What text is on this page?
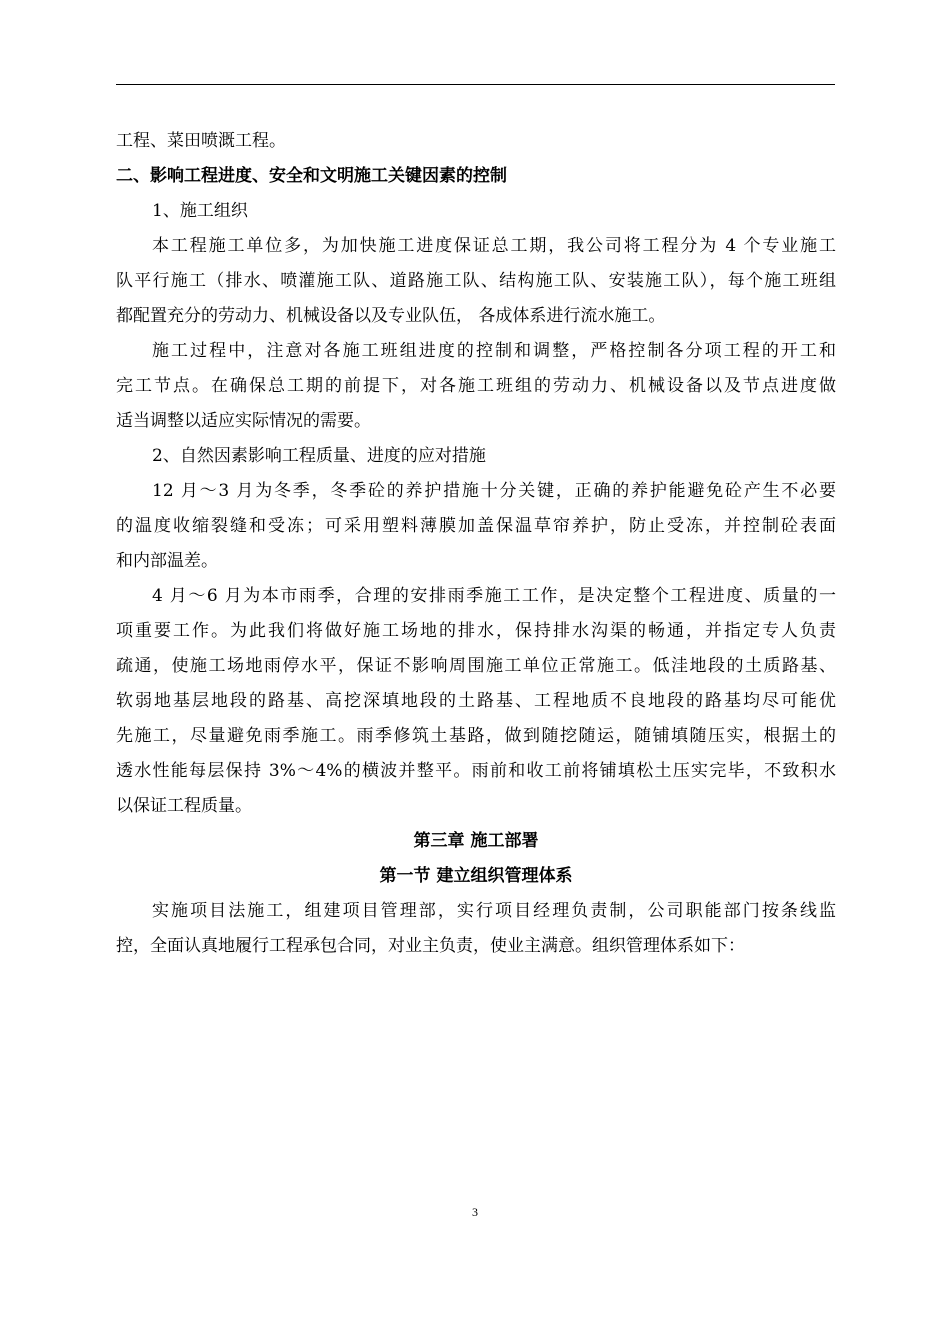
工程、菜田喷溉工程。
二、影响工程进度、安全和文明施工关键因素的控制
1、施工组织
本工程施工单位多，为加快施工进度保证总工期，我公司将工程分为 4 个专业施工
队平行施工（排水、喷灌施工队、道路施工队、结构施工队、安装施工队），每个施工班组
都配置充分的劳动力、机械设备以及专业队伍， 各成体系进行流水施工。
施工过程中，注意对各施工班组进度的控制和调整，严格控制各分项工程的开工和
完工节点。在确保总工期的前提下，对各施工班组的劳动力、机械设备以及节点进度做
适当调整以适应实际情况的需要。
2、自然因素影响工程质量、进度的应对措施
12 月～3 月为冬季，冬季砼的养护措施十分关键，正确的养护能避免砼产生不必要
的温度收缩裂缝和受冻；可采用塑料薄膜加盖保温草帘养护，防止受冻，并控制砼表面
和内部温差。
4 月～6 月为本市雨季，合理的安排雨季施工工作，是决定整个工程进度、质量的一
项重要工作。为此我们将做好施工场地的排水，保持排水沟渠的畅通，并指定专人负责
疏通，使施工场地雨停水平，保证不影响周围施工单位正常施工。低洼地段的土质路基、
软弱地基层地段的路基、高挖深填地段的土路基、工程地质不良地段的路基均尽可能优
先施工，尽量避免雨季施工。雨季修筑土基路，做到随挖随运，随铺填随压实，根据土的
透水性能每层保持 3%～4%的横波并整平。雨前和收工前将铺填松土压实完毕，不致积水
以保证工程质量。
第三章 施工部署
第一节 建立组织管理体系
实施项目法施工，组建项目管理部，实行项目经理负责制，公司职能部门按条线监
控，全面认真地履行工程承包合同，对业主负责，使业主满意。组织管理体系如下：
3
